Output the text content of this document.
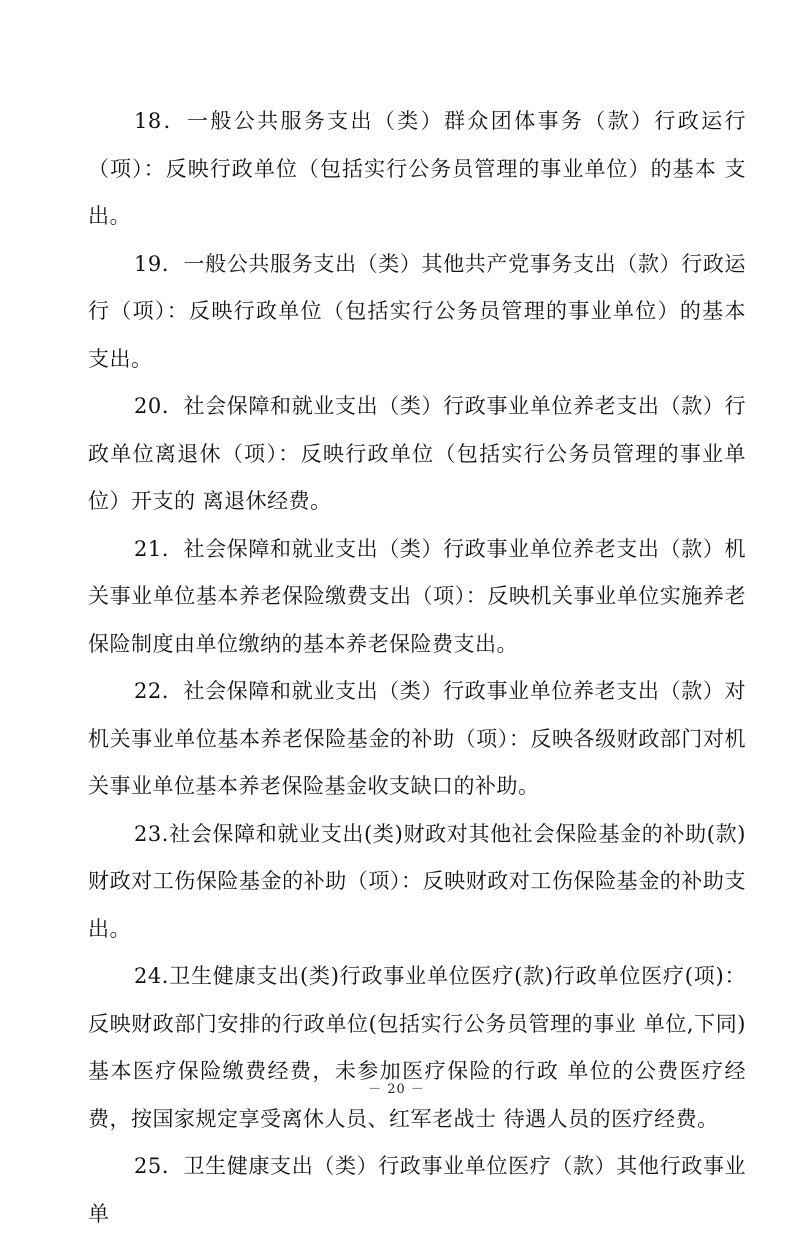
18．一般公共服务支出（类）群众团体事务（款）行政运行（项）：反映行政单位（包括实行公务员管理的事业单位）的基本 支出。

19．一般公共服务支出（类）其他共产党事务支出（款）行政运行（项）：反映行政单位（包括实行公务员管理的事业单位）的基本 支出。

20．社会保障和就业支出（类）行政事业单位养老支出（款）行政单位离退休（项）：反映行政单位（包括实行公务员管理的事业单位）开支的 离退休经费。

21．社会保障和就业支出（类）行政事业单位养老支出（款）机关事业单位基本养老保险缴费支出（项）：反映机关事业单位实施养老保险制度由单位缴纳的基本养老保险费支出。

22．社会保障和就业支出（类）行政事业单位养老支出（款）对机关事业单位基本养老保险基金的补助（项）：反映各级财政部门对机关事业单位基本养老保险基金收支缺口的补助。

23.社会保障和就业支出(类)财政对其他社会保险基金的补助(款)财政对工伤保险基金的补助（项）：反映财政对工伤保险基金的补助支出。

24.卫生健康支出(类)行政事业单位医疗(款)行政单位医疗(项)：反映财政部门安排的行政单位(包括实行公务员管理的事业 单位,下同)基本医疗保险缴费经费，未参加医疗保险的行政 单位的公费医疗经费，按国家规定享受离休人员、红军老战士 待遇人员的医疗经费。

25．卫生健康支出（类）行政事业单位医疗（款）其他行政事业单

－ 20 －
